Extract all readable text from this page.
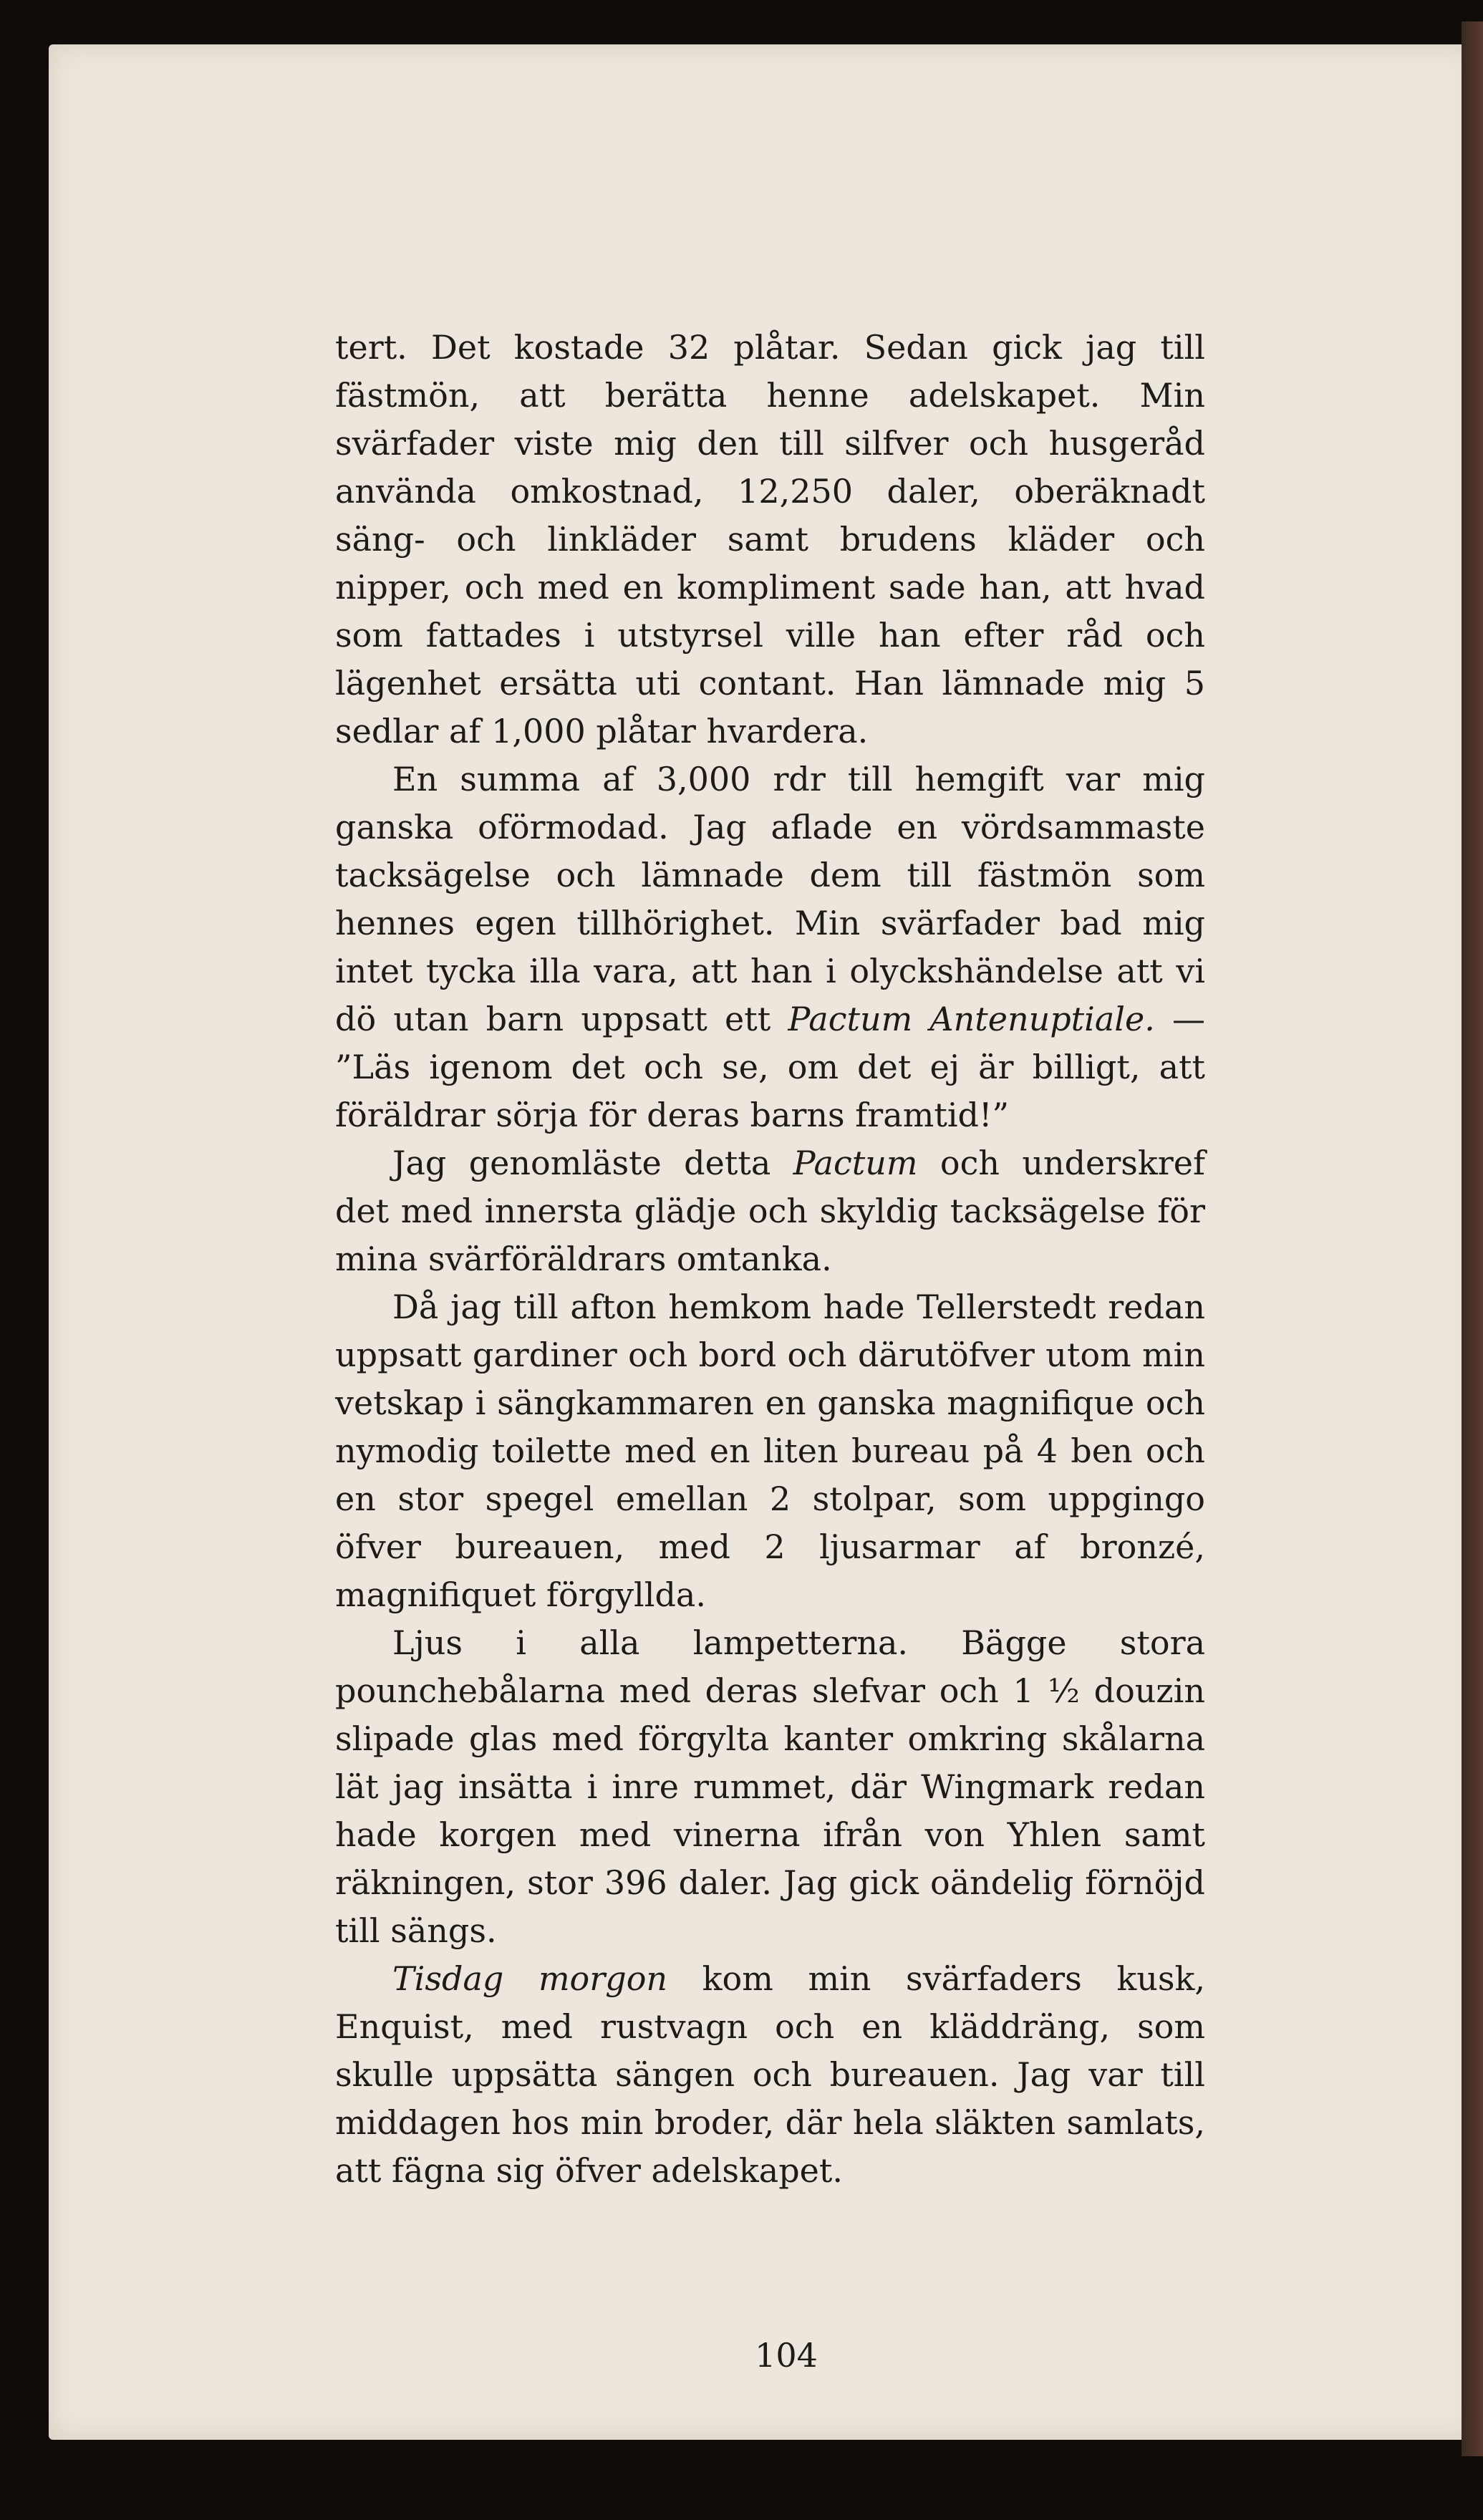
tert. Det kostade 32 plåtar. Sedan gick jag till fästmön, att berätta henne adelskapet. Min svärfader viste mig den till silfver och husgeråd använda omkostnad, 12,250 daler, oberäknadt säng- och linkläder samt brudens kläder och nipper, och med en kompliment sade han, att hvad som fattades i utstyrsel ville han efter råd och lägenhet ersätta uti contant. Han lämnade mig 5 sedlar af 1,000 plåtar hvardera.

En summa af 3,000 rdr till hemgift var mig ganska oförmodad. Jag aflade en vördsammaste tacksägelse och lämnade dem till fästmön som hennes egen tillhörighet. Min svärfader bad mig intet tycka illa vara, att han i olyckshändelse att vi dö utan barn uppsatt ett Pactum Antenuptiale. — ”Läs igenom det och se, om det ej är billigt, att föräldrar sörja för deras barns framtid!”

Jag genomläste detta Pactum och underskref det med innersta glädje och skyldig tacksägelse för mina svärföräldrars omtanka.

Då jag till afton hemkom hade Tellerstedt redan uppsatt gardiner och bord och därutöfver utom min vetskap i sängkammaren en ganska magnifique och nymodig toilette med en liten bureau på 4 ben och en stor spegel emellan 2 stolpar, som uppgingo öfver bureauen, med 2 ljusarmar af bronzé, magnifiquet förgyllda.

Ljus i alla lampetterna. Bägge stora pounchebålarna med deras slefvar och 1 ½ douzin slipade glas med förgylta kanter omkring skålarna lät jag insätta i inre rummet, där Wingmark redan hade korgen med vinerna ifrån von Yhlen samt räkningen, stor 396 daler. Jag gick oändelig förnöjd till sängs.

Tisdag morgon kom min svärfaders kusk, Enquist, med rustvagn och en kläddräng, som skulle uppsätta sängen och bureauen. Jag var till middagen hos min broder, där hela släkten samlats, att fägna sig öfver adelskapet.

104
